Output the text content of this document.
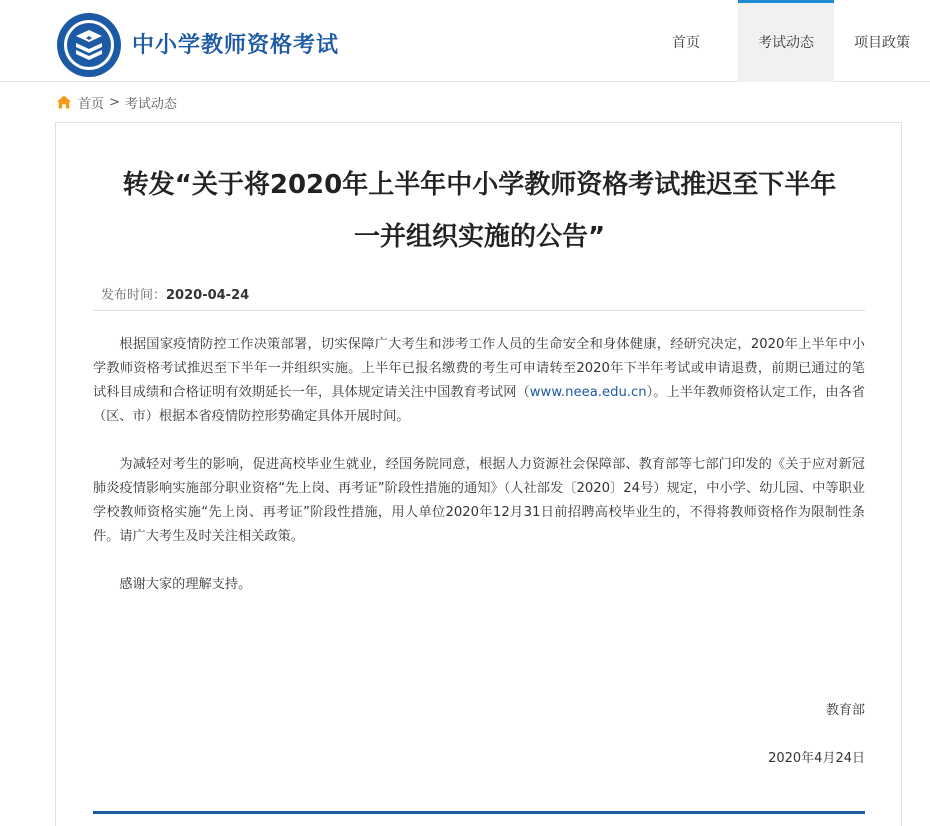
中小学教师资格考试	首页	考试动态	项目政策
首页 > 考试动态
转发“关于将2020年上半年中小学教师资格考试推迟至下半年
一并组织实施的公告”
发布时间：2020-04-24

根据国家疫情防控工作决策部署，切实保障广大考生和涉考工作人员的生命安全和身体健康，经研究决定，2020年上半年中小学教师资格考试推迟至下半年一并组织实施。上半年已报名缴费的考生可申请转至2020年下半年考试或申请退费，前期已通过的笔试科目成绩和合格证明有效期延长一年，具体规定请关注中国教育考试网（www.neea.edu.cn）。上半年教师资格认定工作，由各省（区、市）根据本省疫情防控形势确定具体开展时间。

为减轻对考生的影响，促进高校毕业生就业，经国务院同意，根据人力资源社会保障部、教育部等七部门印发的《关于应对新冠肺炎疫情影响实施部分职业资格“先上岗、再考证”阶段性措施的通知》（人社部发〔2020〕24号）规定，中小学、幼儿园、中等职业学校教师资格实施“先上岗、再考证”阶段性措施，用人单位2020年12月31日前招聘高校毕业生的，不得将教师资格作为限制性条件。请广大考生及时关注相关政策。

感谢大家的理解支持。

教育部
2020年4月24日
